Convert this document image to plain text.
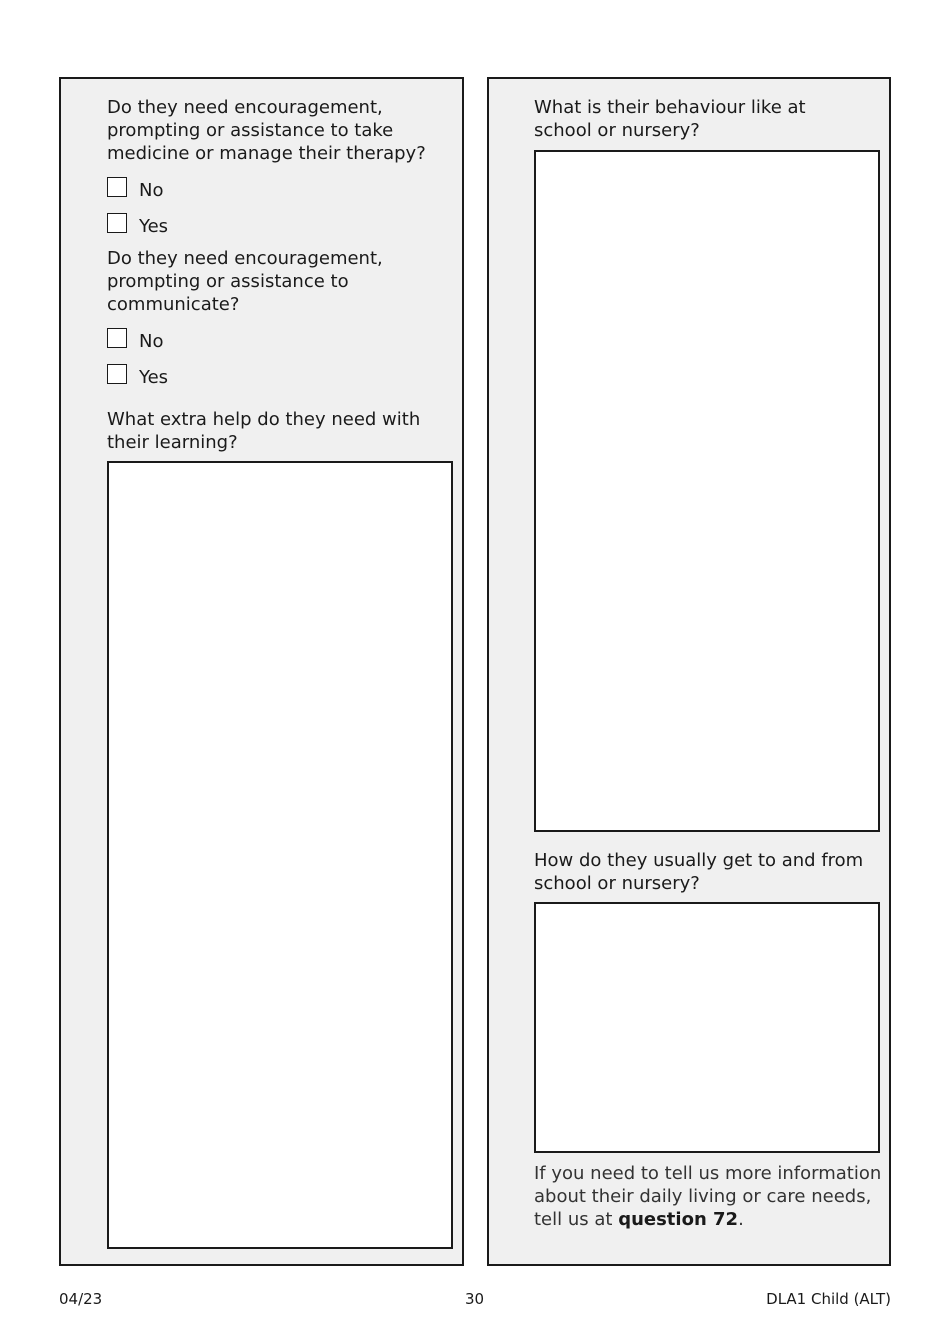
Do they need encouragement, prompting or assistance to take medicine or manage their therapy?

No
Yes

Do they need encouragement, prompting or assistance to communicate?

No
Yes

What extra help do they need with their learning?

What is their behaviour like at school or nursery?

How do they usually get to and from school or nursery?

If you need to tell us more information about their daily living or care needs, tell us at question 72.

04/23	30	DLA1 Child (ALT)
